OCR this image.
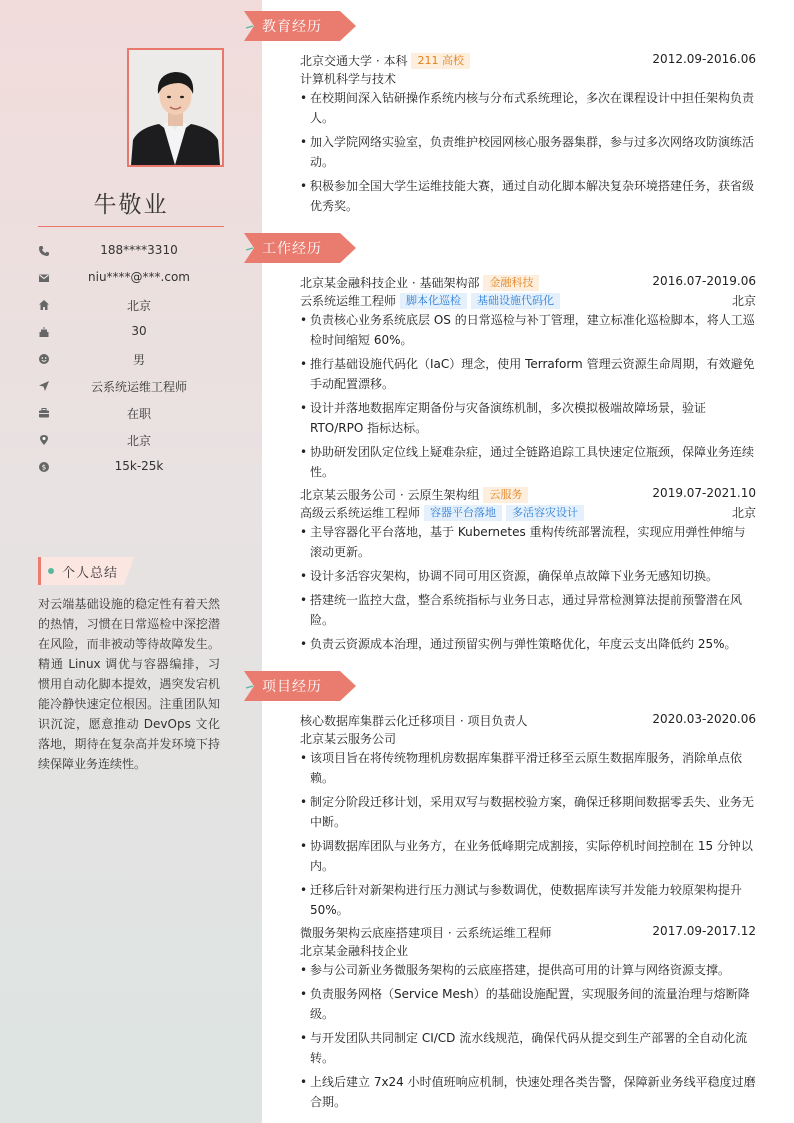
牛敬业
188****3310
niu****@***.com
北京
30
男
云系统运维工程师
在职
北京
$	15k-25k
个人总结
对云端基础设施的稳定性有着天然的热情，习惯在日常巡检中深挖潜在风险，而非被动等待故障发生。精通 Linux 调优与容器编排，习惯用自动化脚本提效，遇突发宕机能冷静快速定位根因。注重团队知识沉淀，愿意推动 DevOps 文化落地，期待在复杂高并发环境下持续保障业务连续性。
教育经历
北京交通大学 · 本科 211 高校	2012.09-2016.06
计算机科学与技术
• 在校期间深入钻研操作系统内核与分布式系统理论，多次在课程设计中担任架构负责人。
• 加入学院网络实验室，负责维护校园网核心服务器集群，参与过多次网络攻防演练活动。
• 积极参加全国大学生运维技能大赛，通过自动化脚本解决复杂环境搭建任务，获省级优秀奖。
工作经历
北京某金融科技企业 · 基础架构部 金融科技	2016.07-2019.06
云系统运维工程师 脚本化巡检 基础设施代码化	北京
• 负责核心业务系统底层 OS 的日常巡检与补丁管理，建立标准化巡检脚本，将人工巡检时间缩短 60%。
• 推行基础设施代码化（IaC）理念，使用 Terraform 管理云资源生命周期，有效避免手动配置漂移。
• 设计并落地数据库定期备份与灾备演练机制，多次模拟极端故障场景，验证 RTO/RPO 指标达标。
• 协助研发团队定位线上疑难杂症，通过全链路追踪工具快速定位瓶颈，保障业务连续性。
北京某云服务公司 · 云原生架构组 云服务	2019.07-2021.10
高级云系统运维工程师 容器平台落地 多活容灾设计	北京
• 主导容器化平台落地，基于 Kubernetes 重构传统部署流程，实现应用弹性伸缩与滚动更新。
• 设计多活容灾架构，协调不同可用区资源，确保单点故障下业务无感知切换。
• 搭建统一监控大盘，整合系统指标与业务日志，通过异常检测算法提前预警潜在风险。
• 负责云资源成本治理，通过预留实例与弹性策略优化，年度云支出降低约 25%。
项目经历
核心数据库集群云化迁移项目 · 项目负责人	2020.03-2020.06
北京某云服务公司
• 该项目旨在将传统物理机房数据库集群平滑迁移至云原生数据库服务，消除单点依赖。
• 制定分阶段迁移计划，采用双写与数据校验方案，确保迁移期间数据零丢失、业务无中断。
• 协调数据库团队与业务方，在业务低峰期完成割接，实际停机时间控制在 15 分钟以内。
• 迁移后针对新架构进行压力测试与参数调优，使数据库读写并发能力较原架构提升 50%。
微服务架构云底座搭建项目 · 云系统运维工程师	2017.09-2017.12
北京某金融科技企业
• 参与公司新业务微服务架构的云底座搭建，提供高可用的计算与网络资源支撑。
• 负责服务网格（Service Mesh）的基础设施配置，实现服务间的流量治理与熔断降级。
• 与开发团队共同制定 CI/CD 流水线规范，确保代码从提交到生产部署的全自动化流转。
• 上线后建立 7x24 小时值班响应机制，快速处理各类告警，保障新业务线平稳度过磨合期。
